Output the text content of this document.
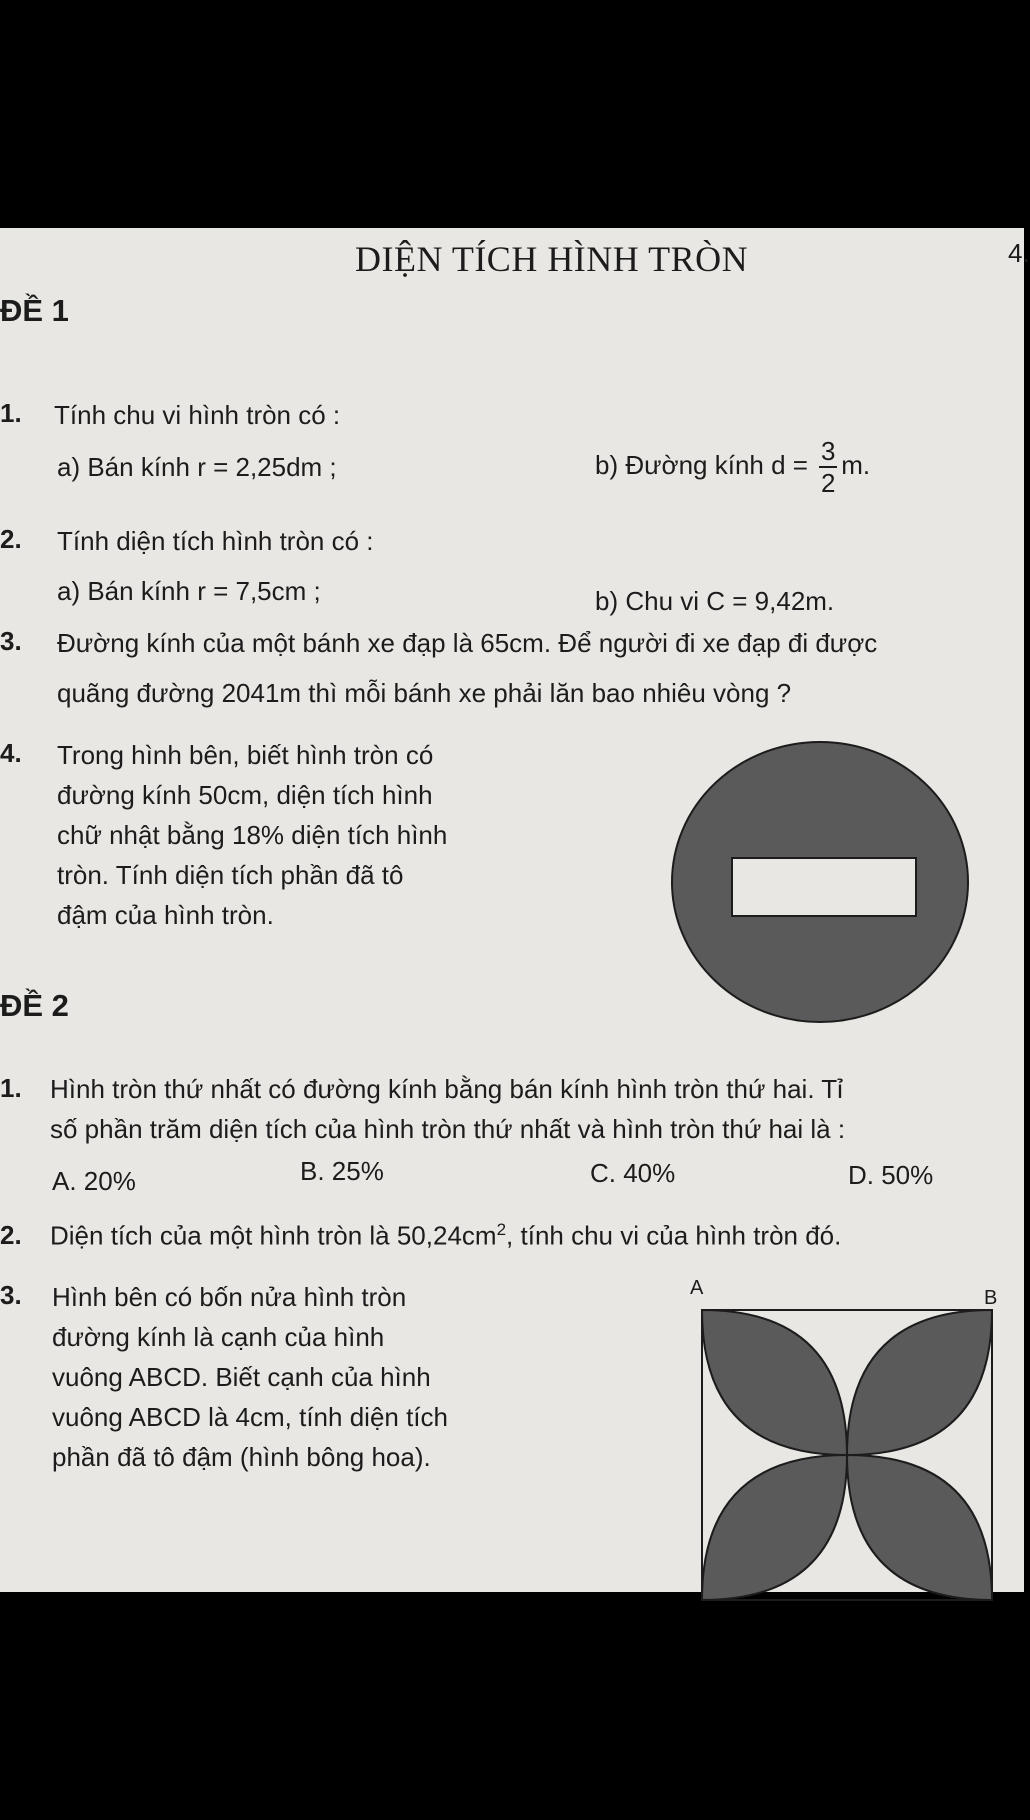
DIỆN TÍCH HÌNH TRÒN	4.
ĐỀ 1
1. Tính chu vi hình tròn có :
a) Bán kính r = 2,25dm ;	b) Đường kính $d = \frac{3}{2} m$.
2. Tính diện tích hình tròn có :
a) Bán kính r = 7,5cm ;	b) Chu vi C = 9,42m.
3. Đường kính của một bánh xe đạp là 65cm. Để người đi xe đạp đi được
quãng đường 2041m thì mỗi bánh xe phải lăn bao nhiêu vòng ?
4. Trong hình bên, biết hình tròn có
đường kính 50cm, diện tích hình
chữ nhật bằng 18% diện tích hình
tròn. Tính diện tích phần đã tô
đậm của hình tròn.
ĐỀ 2
1. Hình tròn thứ nhất có đường kính bằng bán kính hình tròn thứ hai. Tỉ
số phần trăm diện tích của hình tròn thứ nhất và hình tròn thứ hai là :
A. 20%	B. 25%	C. 40%	D. 50%
2. Diện tích của một hình tròn là $50,24cm^2$, tính chu vi của hình tròn đó.
3. Hình bên có bốn nửa hình tròn
đường kính là cạnh của hình
vuông ABCD. Biết cạnh của hình
vuông ABCD là 4cm, tính diện tích
phần đã tô đậm (hình bông hoa).
A	B
